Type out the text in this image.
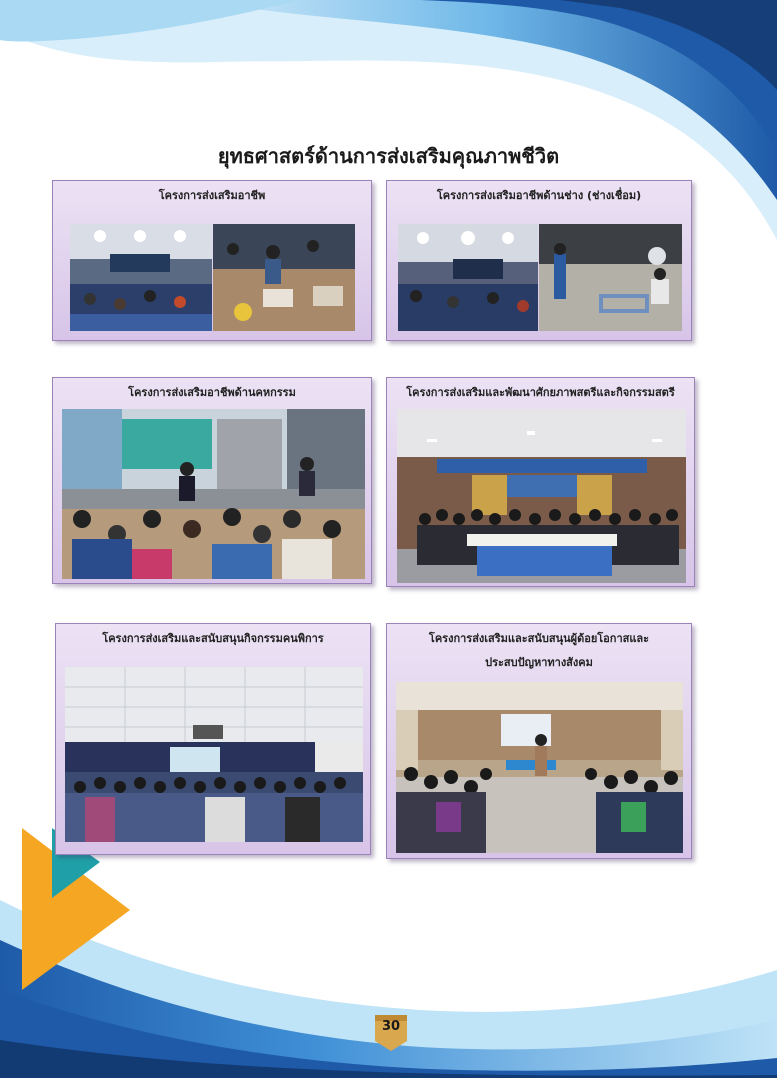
ยุทธศาสตร์ด้านการส่งเสริมคุณภาพชีวิต
โครงการส่งเสริมอาชีพ	โครงการส่งเสริมอาชีพด้านช่าง (ช่างเชื่อม)
โครงการส่งเสริมอาชีพด้านคหกรรม	โครงการส่งเสริมและพัฒนาศักยภาพสตรีและกิจกรรมสตรี
โครงการส่งเสริมและสนับสนุนกิจกรรมคนพิการ	โครงการส่งเสริมและสนับสนุนผู้ด้อยโอกาสและ
ประสบปัญหาทางสังคม
30
